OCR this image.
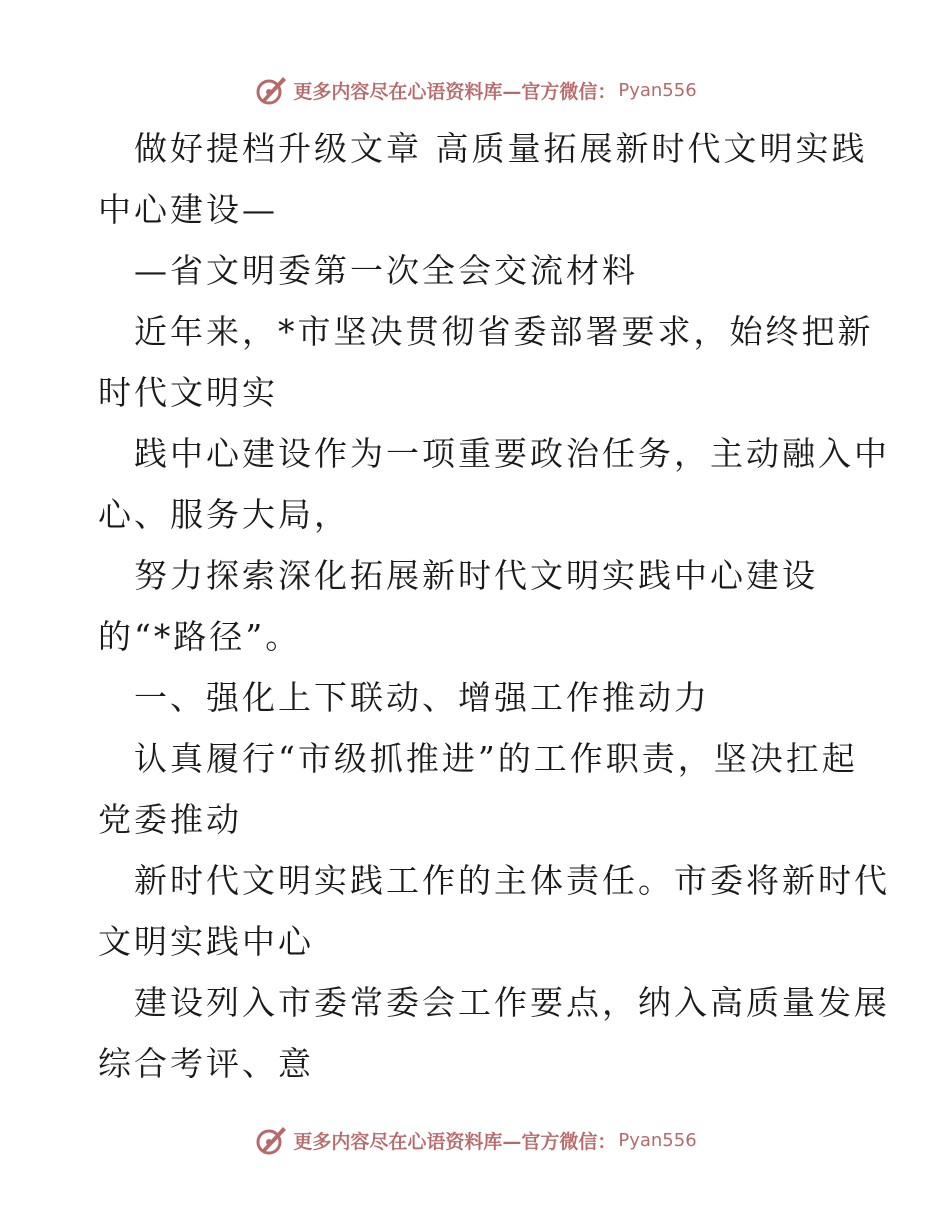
更多内容尽在心语资料库—官方微信： Pyan556

做好提档升级文章 高质量拓展新时代文明实践

中心建设—

—省文明委第一次全会交流材料

近年来，*市坚决贯彻省委部署要求，始终把新

时代文明实

践中心建设作为一项重要政治任务，主动融入中

心、服务大局，

努力探索深化拓展新时代文明实践中心建设

的“*路径”。

一、强化上下联动、增强工作推动力

认真履行“市级抓推进”的工作职责，坚决扛起

党委推动

新时代文明实践工作的主体责任。市委将新时代

文明实践中心

建设列入市委常委会工作要点，纳入高质量发展

综合考评、意

更多内容尽在心语资料库—官方微信： Pyan556
